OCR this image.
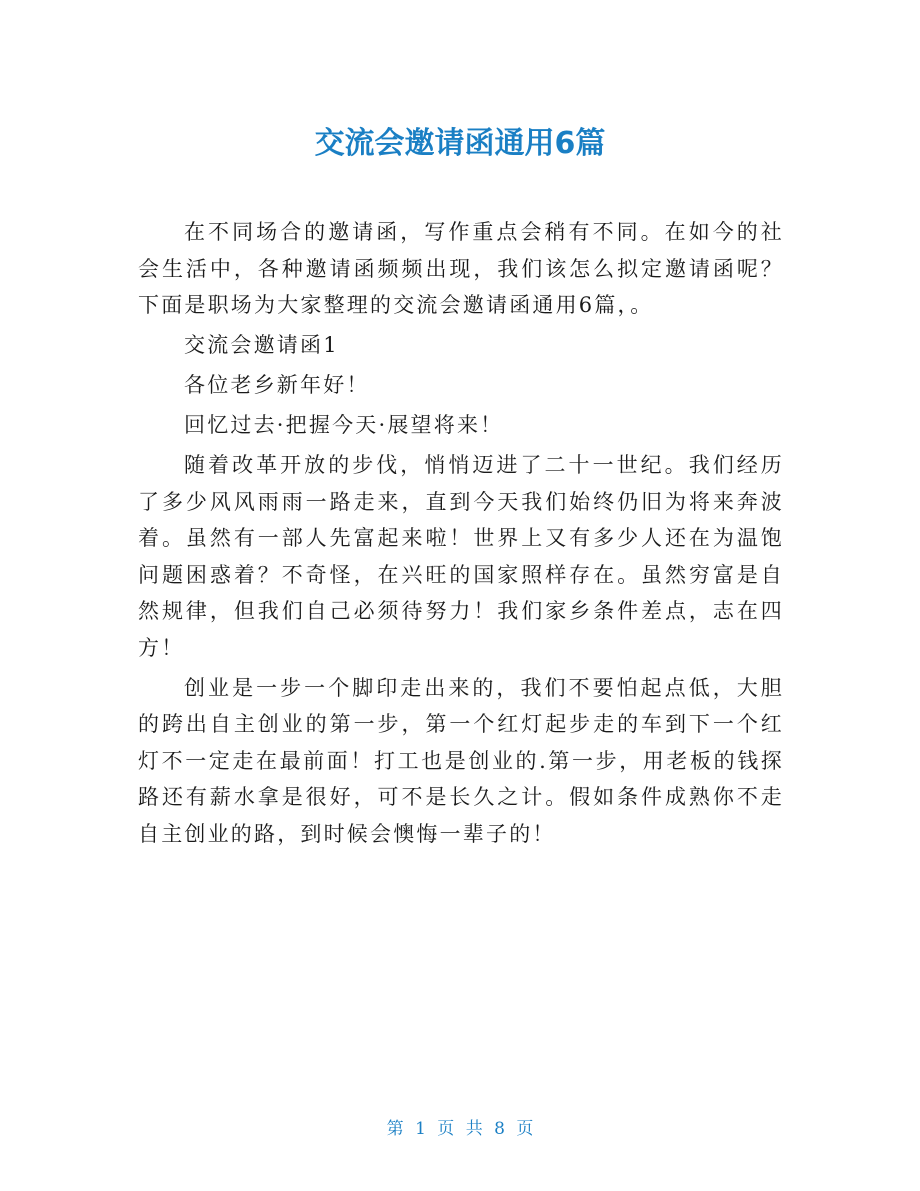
交流会邀请函通用6篇

在不同场合的邀请函，写作重点会稍有不同。在如今的社会生活中，各种邀请函频频出现，我们该怎么拟定邀请函呢？下面是职场为大家整理的交流会邀请函通用6篇，。

交流会邀请函1

各位老乡新年好！

回忆过去·把握今天·展望将来！

随着改革开放的步伐，悄悄迈进了二十一世纪。我们经历了多少风风雨雨一路走来，直到今天我们始终仍旧为将来奔波着。虽然有一部人先富起来啦！世界上又有多少人还在为温饱问题困惑着？不奇怪，在兴旺的国家照样存在。虽然穷富是自然规律，但我们自己必须待努力！我们家乡条件差点，志在四方！

创业是一步一个脚印走出来的，我们不要怕起点低，大胆的跨出自主创业的第一步，第一个红灯起步走的车到下一个红灯不一定走在最前面！打工也是创业的.第一步，用老板的钱探路还有薪水拿是很好，可不是长久之计。假如条件成熟你不走自主创业的路，到时候会懊悔一辈子的！

第 1 页 共 8 页
